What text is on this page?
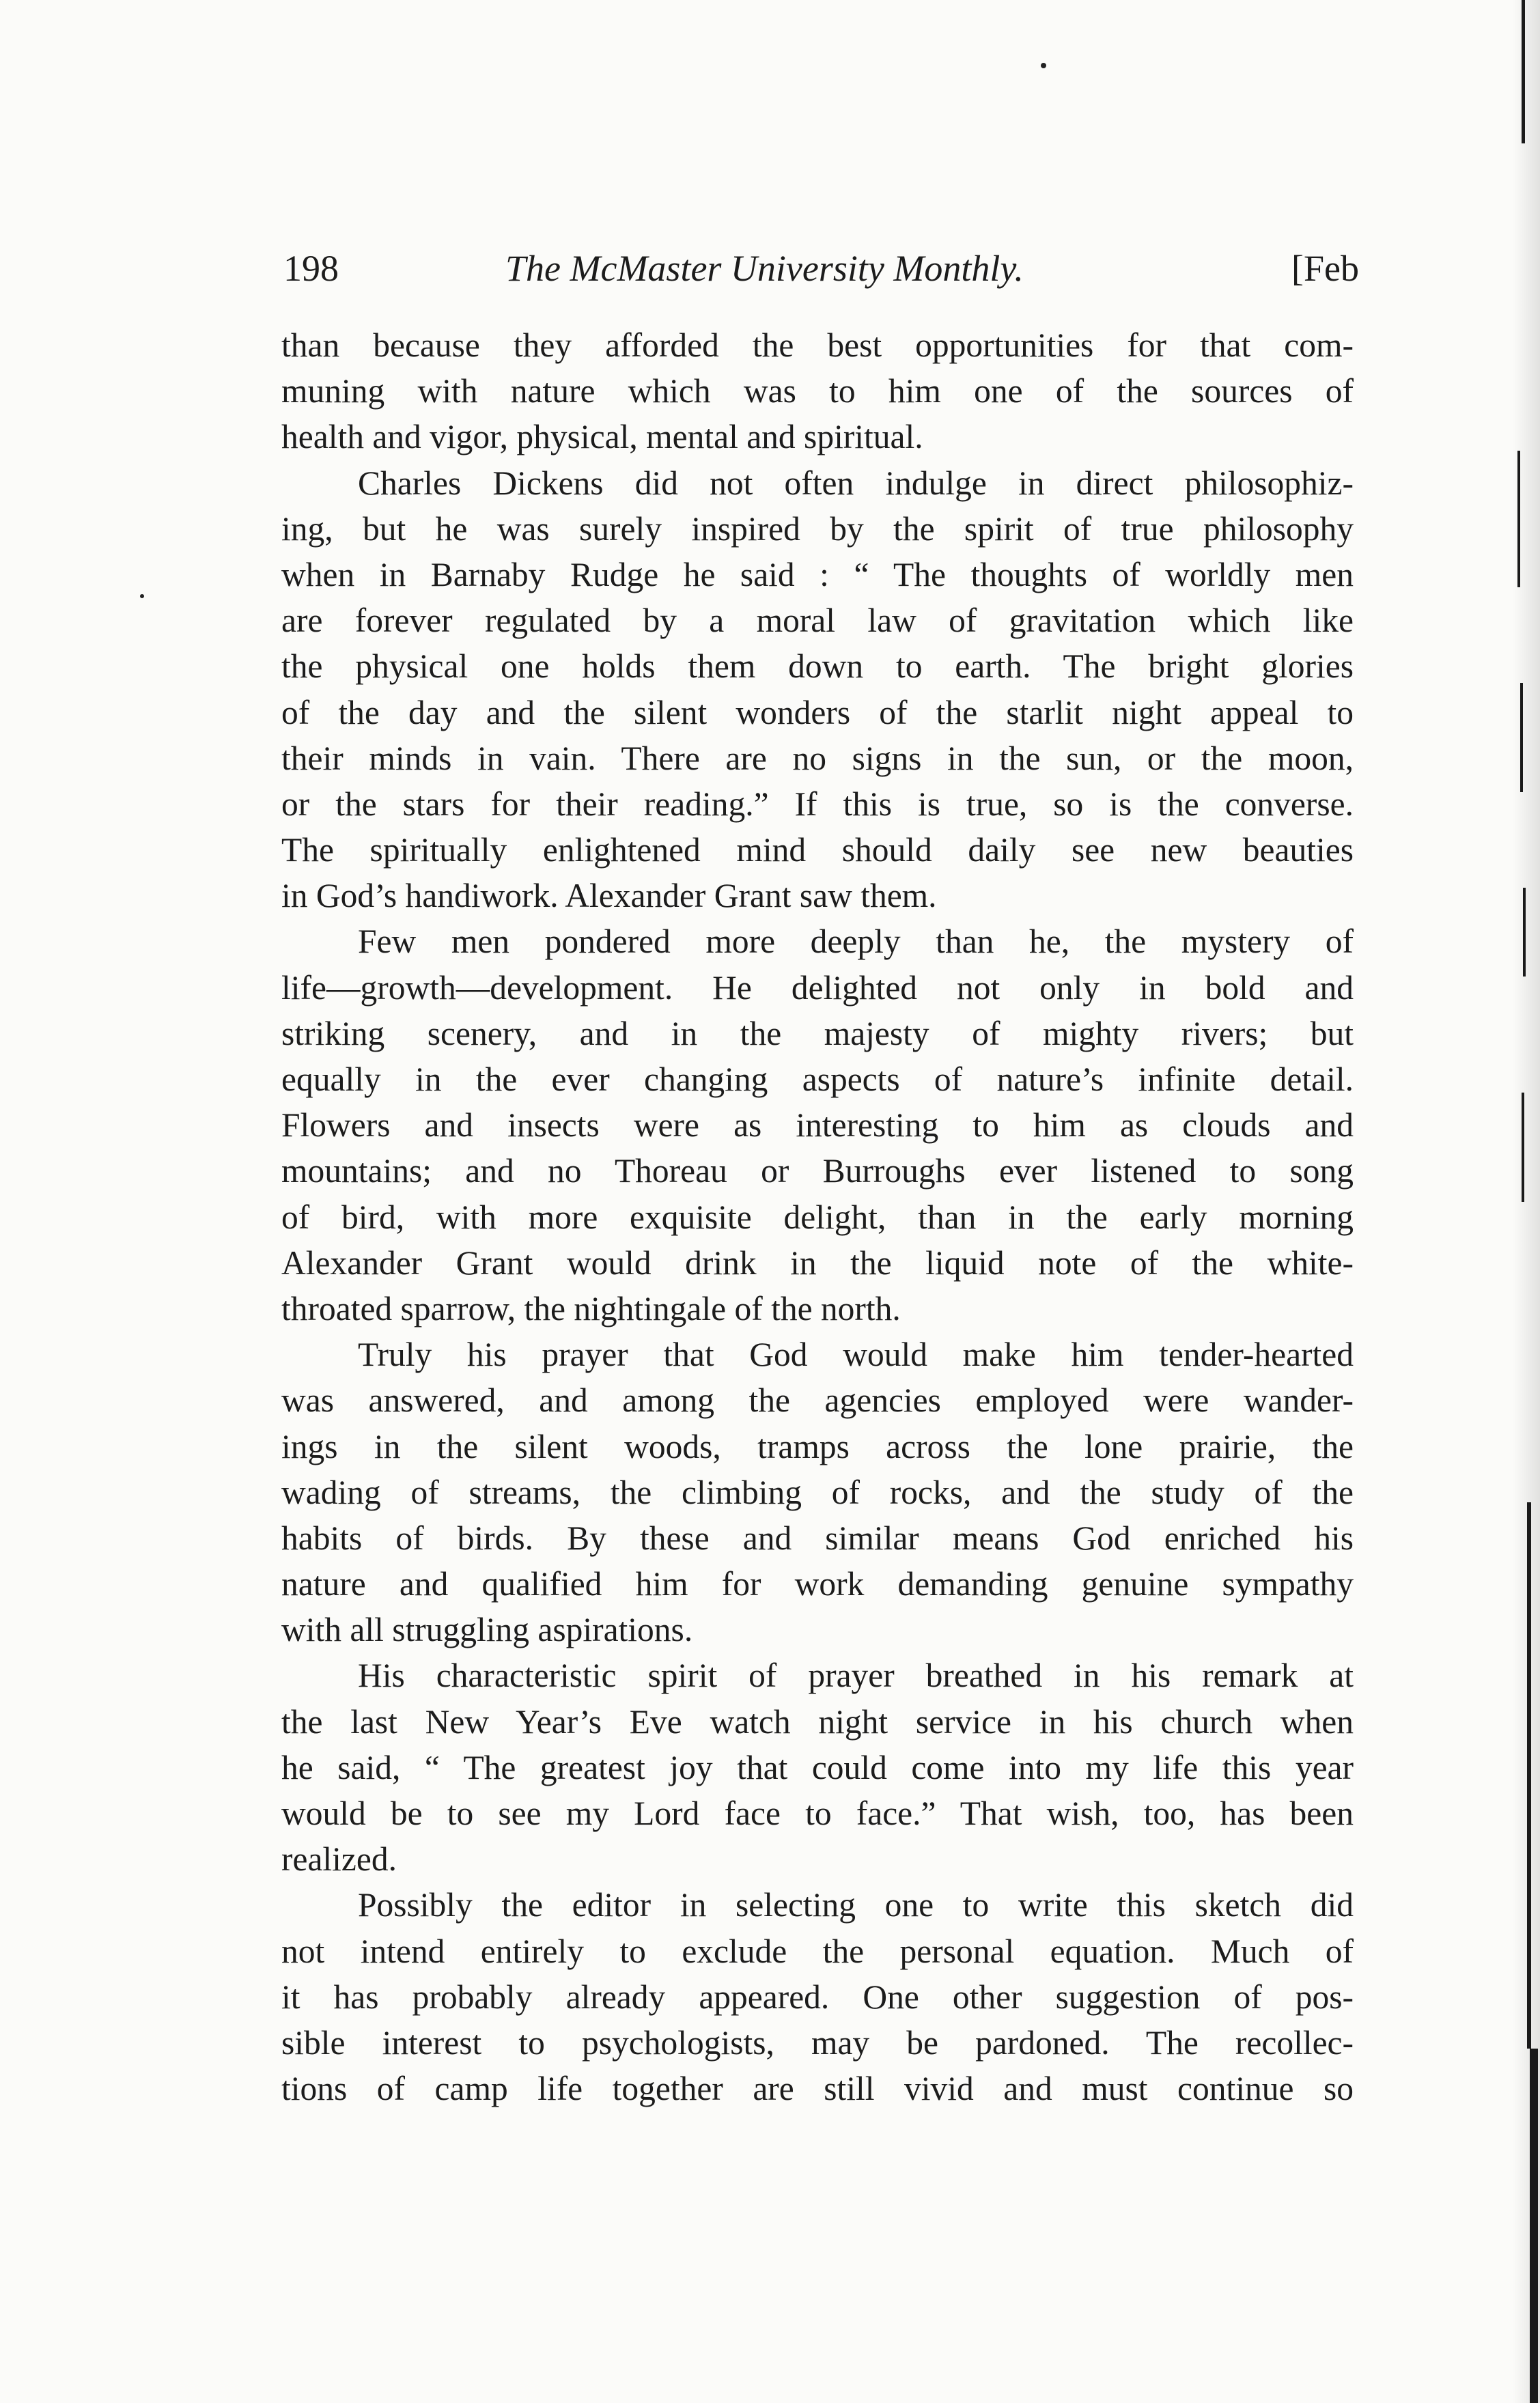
198	The McMaster University Monthly.	[Feb
than because they afforded the best opportunities for that com-
muning with nature which was to him one of the sources of
health and vigor, physical, mental and spiritual.
Charles Dickens did not often indulge in direct philosophiz-
ing, but he was surely inspired by the spirit of true philosophy
when in Barnaby Rudge he said : “ The thoughts of worldly men
are forever regulated by a moral law of gravitation which like
the physical one holds them down to earth. The bright glories
of the day and the silent wonders of the starlit night appeal to
their minds in vain. There are no signs in the sun, or the moon,
or the stars for their reading.” If this is true, so is the converse.
The spiritually enlightened mind should daily see new beauties
in God’s handiwork. Alexander Grant saw them.
Few men pondered more deeply than he, the mystery of
life—growth—development. He delighted not only in bold and
striking scenery, and in the majesty of mighty rivers; but
equally in the ever changing aspects of nature’s infinite detail.
Flowers and insects were as interesting to him as clouds and
mountains; and no Thoreau or Burroughs ever listened to song
of bird, with more exquisite delight, than in the early morning
Alexander Grant would drink in the liquid note of the white-
throated sparrow, the nightingale of the north.
Truly his prayer that God would make him tender-hearted
was answered, and among the agencies employed were wander-
ings in the silent woods, tramps across the lone prairie, the
wading of streams, the climbing of rocks, and the study of the
habits of birds. By these and similar means God enriched his
nature and qualified him for work demanding genuine sympathy
with all struggling aspirations.
His characteristic spirit of prayer breathed in his remark at
the last New Year’s Eve watch night service in his church when
he said, “ The greatest joy that could come into my life this year
would be to see my Lord face to face.” That wish, too, has been
realized.
Possibly the editor in selecting one to write this sketch did
not intend entirely to exclude the personal equation. Much of
it has probably already appeared. One other suggestion of pos-
sible interest to psychologists, may be pardoned. The recollec-
tions of camp life together are still vivid and must continue so
